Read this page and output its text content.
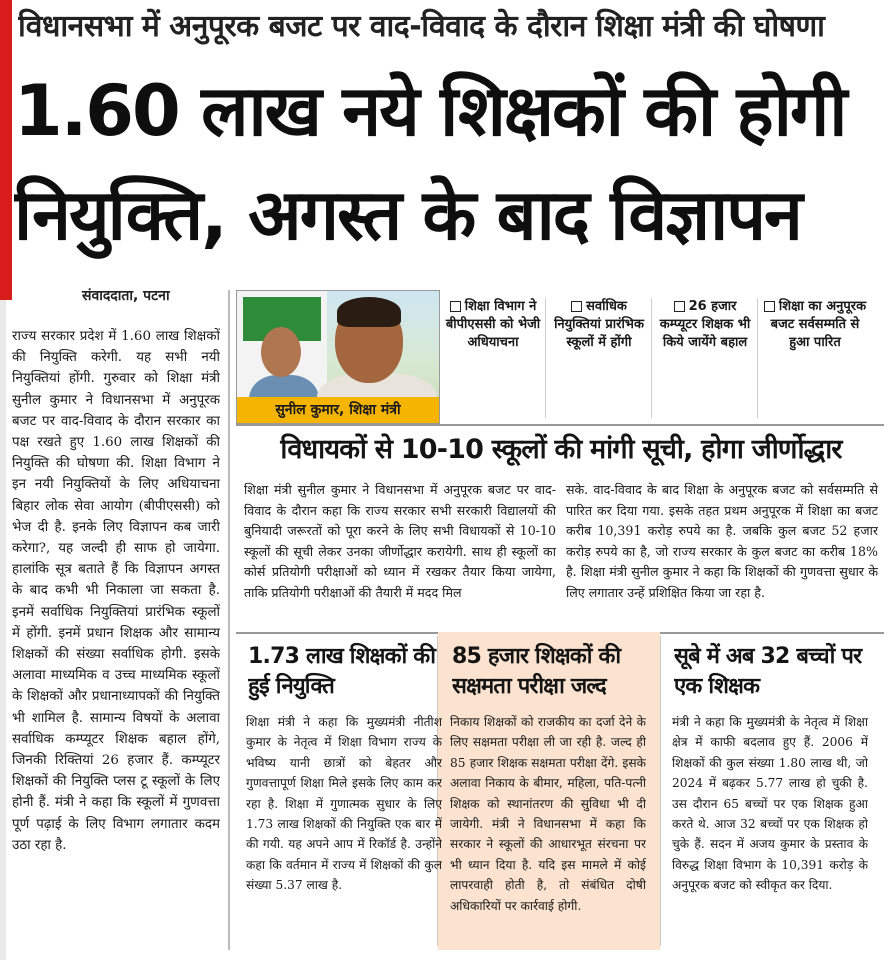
विधानसभा में अनुपूरक बजट पर वाद-विवाद के दौरान शिक्षा मंत्री की घोषणा
1.60 लाख नये शिक्षकों की होगी
नियुक्ति, अगस्त के बाद विज्ञापन
संवाददाता, पटना
राज्य सरकार प्रदेश में 1.60 लाख शिक्षकों की नियुक्ति करेगी. यह सभी नयी नियुक्तियां होंगी. गुरुवार को शिक्षा मंत्री सुनील कुमार ने विधानसभा में अनुपूरक बजट पर वाद-विवाद के दौरान सरकार का पक्ष रखते हुए 1.60 लाख शिक्षकों की नियुक्ति की घोषणा की. शिक्षा विभाग ने इन नयी नियुक्तियों के लिए अधियाचना बिहार लोक सेवा आयोग (बीपीएससी) को भेज दी है. इनके लिए विज्ञापन कब जारी करेगा?, यह जल्दी ही साफ हो जायेगा. हालांकि सूत्र बताते हैं कि विज्ञापन अगस्त के बाद कभी भी निकाला जा सकता है. इनमें सर्वाधिक नियुक्तियां प्रारंभिक स्कूलों में होंगी. इनमें प्रधान शिक्षक और सामान्य शिक्षकों की संख्या सर्वाधिक होगी. इसके अलावा माध्यमिक व उच्च माध्यमिक स्कूलों के शिक्षकों और प्रधानाध्यापकों की नियुक्ति भी शामिल है. सामान्य विषयों के अलावा सर्वाधिक कम्प्यूटर शिक्षक बहाल होंगे, जिनकी रिक्तियां 26 हजार हैं. कम्प्यूटर शिक्षकों की नियुक्ति प्लस टू स्कूलों के लिए होनी हैं. मंत्री ने कहा कि स्कूलों में गुणवत्ता पूर्ण पढ़ाई के लिए विभाग लगातार कदम उठा रहा है.
सुनील कुमार, शिक्षा मंत्री
शिक्षा विभाग ने बीपीएससी को भेजी अधियाचना
सर्वाधिक नियुक्तियां प्रारंभिक स्कूलों में होंगी
26 हजार कम्प्यूटर शिक्षक भी किये जायेंगे बहाल
शिक्षा का अनुपूरक बजट सर्वसम्मति से हुआ पारित
विधायकों से 10-10 स्कूलों की मांगी सूची, होगा जीर्णोद्धार
शिक्षा मंत्री सुनील कुमार ने विधानसभा में अनुपूरक बजट पर वाद-विवाद के दौरान कहा कि राज्य सरकार सभी सरकारी विद्यालयों की बुनियादी जरूरतों को पूरा करने के लिए सभी विधायकों से 10-10 स्कूलों की सूची लेकर उनका जीर्णोद्धार करायेगी. साथ ही स्कूलों का कोर्स प्रतियोगी परीक्षाओं को ध्यान में रखकर तैयार किया जायेगा, ताकि प्रतियोगी परीक्षाओं की तैयारी में मदद मिल
सके. वाद-विवाद के बाद शिक्षा के अनुपूरक बजट को सर्वसम्मति से पारित कर दिया गया. इसके तहत प्रथम अनुपूरक में शिक्षा का बजट करीब 10,391 करोड़ रुपये का है. जबकि कुल बजट 52 हजार करोड़ रुपये का है, जो राज्य सरकार के कुल बजट का करीब 18% है. शिक्षा मंत्री सुनील कुमार ने कहा कि शिक्षकों की गुणवत्ता सुधार के लिए लगातार उन्हें प्रशिक्षित किया जा रहा है.
1.73 लाख शिक्षकों की हुई नियुक्ति
शिक्षा मंत्री ने कहा कि मुख्यमंत्री नीतीश कुमार के नेतृत्व में शिक्षा विभाग राज्य के भविष्य यानी छात्रों को बेहतर और गुणवत्तापूर्ण शिक्षा मिले इसके लिए काम कर रहा है. शिक्षा में गुणात्मक सुधार के लिए 1.73 लाख शिक्षकों की नियुक्ति एक बार में की गयी. यह अपने आप में रिकॉर्ड है. उन्होंने कहा कि वर्तमान में राज्य में शिक्षकों की कुल संख्या 5.37 लाख है.
85 हजार शिक्षकों की सक्षमता परीक्षा जल्द
निकाय शिक्षकों को राजकीय का दर्जा देने के लिए सक्षमता परीक्षा ली जा रही है. जल्द ही 85 हजार शिक्षक सक्षमता परीक्षा देंगे. इसके अलावा निकाय के बीमार, महिला, पति-पत्नी शिक्षक को स्थानांतरण की सुविधा भी दी जायेगी. मंत्री ने विधानसभा में कहा कि सरकार ने स्कूलों की आधारभूत संरचना पर भी ध्यान दिया है. यदि इस मामले में कोई लापरवाही होती है, तो संबंधित दोषी अधिकारियों पर कार्रवाई होगी.
सूबे में अब 32 बच्चों पर एक शिक्षक
मंत्री ने कहा कि मुख्यमंत्री के नेतृत्व में शिक्षा क्षेत्र में काफी बदलाव हुए हैं. 2006 में शिक्षकों की कुल संख्या 1.80 लाख थी, जो 2024 में बढ़कर 5.77 लाख हो चुकी है. उस दौरान 65 बच्चों पर एक शिक्षक हुआ करते थे. आज 32 बच्चों पर एक शिक्षक हो चुके हैं. सदन में अजय कुमार के प्रस्ताव के विरुद्ध शिक्षा विभाग के 10,391 करोड़ के अनुपूरक बजट को स्वीकृत कर दिया.
